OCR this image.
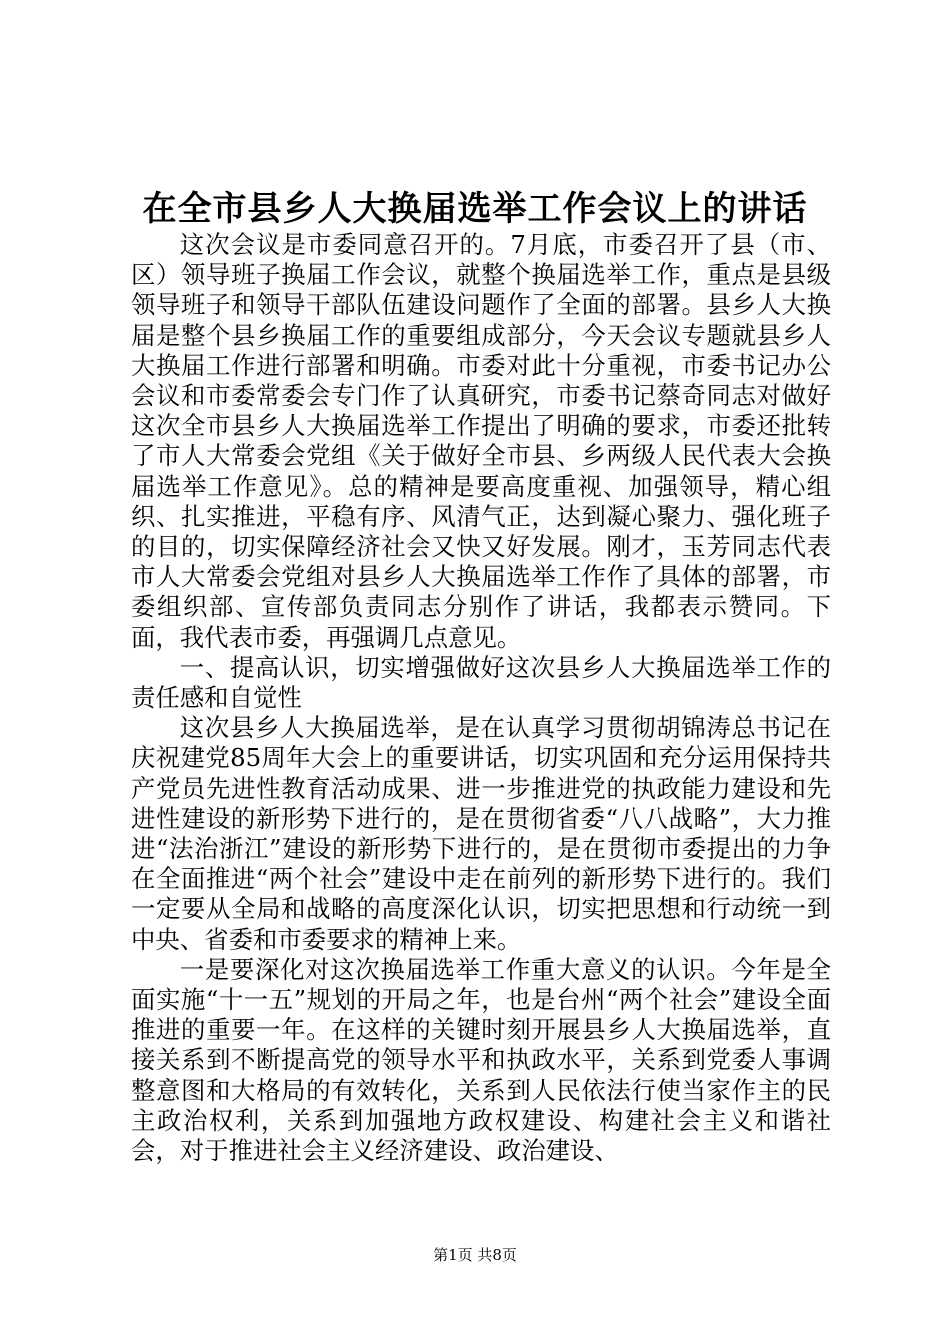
在全市县乡人大换届选举工作会议上的讲话

这次会议是市委同意召开的。7月底，市委召开了县（市、区）领导班子换届工作会议，就整个换届选举工作，重点是县级领导班子和领导干部队伍建设问题作了全面的部署。县乡人大换届是整个县乡换届工作的重要组成部分，今天会议专题就县乡人大换届工作进行部署和明确。市委对此十分重视，市委书记办公会议和市委常委会专门作了认真研究，市委书记蔡奇同志对做好这次全市县乡人大换届选举工作提出了明确的要求，市委还批转了市人大常委会党组《关于做好全市县、乡两级人民代表大会换届选举工作意见》。总的精神是要高度重视、加强领导，精心组织、扎实推进，平稳有序、风清气正，达到凝心聚力、强化班子的目的，切实保障经济社会又快又好发展。刚才，玉芳同志代表市人大常委会党组对县乡人大换届选举工作作了具体的部署，市委组织部、宣传部负责同志分别作了讲话，我都表示赞同。下面，我代表市委，再强调几点意见。

一、提高认识，切实增强做好这次县乡人大换届选举工作的责任感和自觉性

这次县乡人大换届选举，是在认真学习贯彻胡锦涛总书记在庆祝建党85周年大会上的重要讲话，切实巩固和充分运用保持共产党员先进性教育活动成果、进一步推进党的执政能力建设和先进性建设的新形势下进行的，是在贯彻省委“八八战略”，大力推进“法治浙江”建设的新形势下进行的，是在贯彻市委提出的力争在全面推进“两个社会”建设中走在前列的新形势下进行的。我们一定要从全局和战略的高度深化认识，切实把思想和行动统一到中央、省委和市委要求的精神上来。

一是要深化对这次换届选举工作重大意义的认识。今年是全面实施“十一五”规划的开局之年，也是台州“两个社会”建设全面推进的重要一年。在这样的关键时刻开展县乡人大换届选举，直接关系到不断提高党的领导水平和执政水平，关系到党委人事调整意图和大格局的有效转化，关系到人民依法行使当家作主的民主政治权利，关系到加强地方政权建设、构建社会主义和谐社会，对于推进社会主义经济建设、政治建设、

第1页 共8页
